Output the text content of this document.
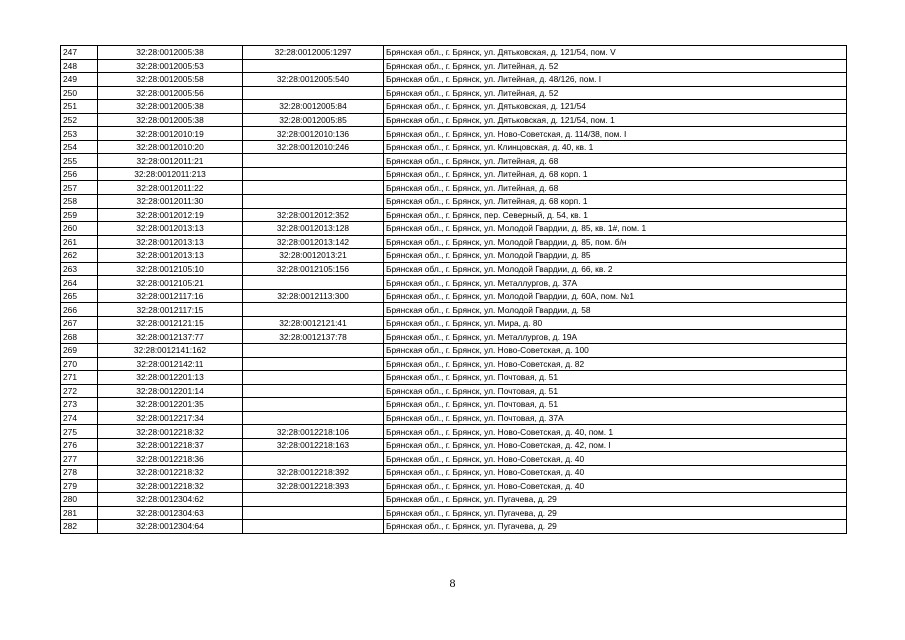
247	32:28:0012005:38	32:28:0012005:1297	Брянская обл., г. Брянск, ул. Дятьковская, д. 121/54, пом. V
248	32:28:0012005:53		Брянская обл., г. Брянск, ул. Литейная, д. 52
249	32:28:0012005:58	32:28:0012005:540	Брянская обл., г. Брянск, ул. Литейная, д. 48/126, пом. I
250	32:28:0012005:56		Брянская обл., г. Брянск, ул. Литейная, д. 52
251	32:28:0012005:38	32:28:0012005:84	Брянская обл., г. Брянск, ул. Дятьковская, д. 121/54
252	32:28:0012005:38	32:28:0012005:85	Брянская обл., г. Брянск, ул. Дятьковская, д. 121/54, пом. 1
253	32:28:0012010:19	32:28:0012010:136	Брянская обл., г. Брянск, ул. Ново-Советская, д. 114/38, пом. I
254	32:28:0012010:20	32:28:0012010:246	Брянская обл., г. Брянск, ул. Клинцовская, д. 40, кв. 1
255	32:28:0012011:21		Брянская обл., г. Брянск, ул. Литейная, д. 68
256	32:28:0012011:213		Брянская обл., г. Брянск, ул. Литейная, д. 68 корп. 1
257	32:28:0012011:22		Брянская обл., г. Брянск, ул. Литейная, д. 68
258	32:28:0012011:30		Брянская обл., г. Брянск, ул. Литейная, д. 68 корп. 1
259	32:28:0012012:19	32:28:0012012:352	Брянская обл., г. Брянск, пер. Северный, д. 54, кв. 1
260	32:28:0012013:13	32:28:0012013:128	Брянская обл., г. Брянск, ул. Молодой Гвардии, д. 85, кв. 1#, пом. 1
261	32:28:0012013:13	32:28:0012013:142	Брянская обл., г. Брянск, ул. Молодой Гвардии, д. 85, пом. б/н
262	32:28:0012013:13	32:28:0012013:21	Брянская обл., г. Брянск, ул. Молодой Гвардии, д. 85
263	32:28:0012105:10	32:28:0012105:156	Брянская обл., г. Брянск, ул. Молодой Гвардии, д. 66, кв. 2
264	32:28:0012105:21		Брянская обл., г. Брянск, ул. Металлургов, д. 37А
265	32:28:0012117:16	32:28:0012113:300	Брянская обл., г. Брянск, ул. Молодой Гвардии, д. 60А, пом. №1
266	32:28:0012117:15		Брянская обл., г. Брянск, ул. Молодой Гвардии, д. 58
267	32:28:0012121:15	32:28:0012121:41	Брянская обл., г. Брянск, ул. Мира, д. 80
268	32:28:0012137:77	32:28:0012137:78	Брянская обл., г. Брянск, ул. Металлургов, д. 19А
269	32:28:0012141:162		Брянская обл., г. Брянск, ул. Ново-Советская, д. 100
270	32:28:0012142:11		Брянская обл., г. Брянск, ул. Ново-Советская, д. 82
271	32:28:0012201:13		Брянская обл., г. Брянск, ул. Почтовая, д. 51
272	32:28:0012201:14		Брянская обл., г. Брянск, ул. Почтовая, д. 51
273	32:28:0012201:35		Брянская обл., г. Брянск, ул. Почтовая, д. 51
274	32:28:0012217:34		Брянская обл., г. Брянск, ул. Почтовая, д. 37А
275	32:28:0012218:32	32:28:0012218:106	Брянская обл., г. Брянск, ул. Ново-Советская, д. 40, пом. 1
276	32:28:0012218:37	32:28:0012218:163	Брянская обл., г. Брянск, ул. Ново-Советская, д. 42, пом. I
277	32:28:0012218:36		Брянская обл., г. Брянск, ул. Ново-Советская, д. 40
278	32:28:0012218:32	32:28:0012218:392	Брянская обл., г. Брянск, ул. Ново-Советская, д. 40
279	32:28:0012218:32	32:28:0012218:393	Брянская обл., г. Брянск, ул. Ново-Советская, д. 40
280	32:28:0012304:62		Брянская обл., г. Брянск, ул. Пугачева, д. 29
281	32:28:0012304:63		Брянская обл., г. Брянск, ул. Пугачева, д. 29
282	32:28:0012304:64		Брянская обл., г. Брянск, ул. Пугачева, д. 29
8
